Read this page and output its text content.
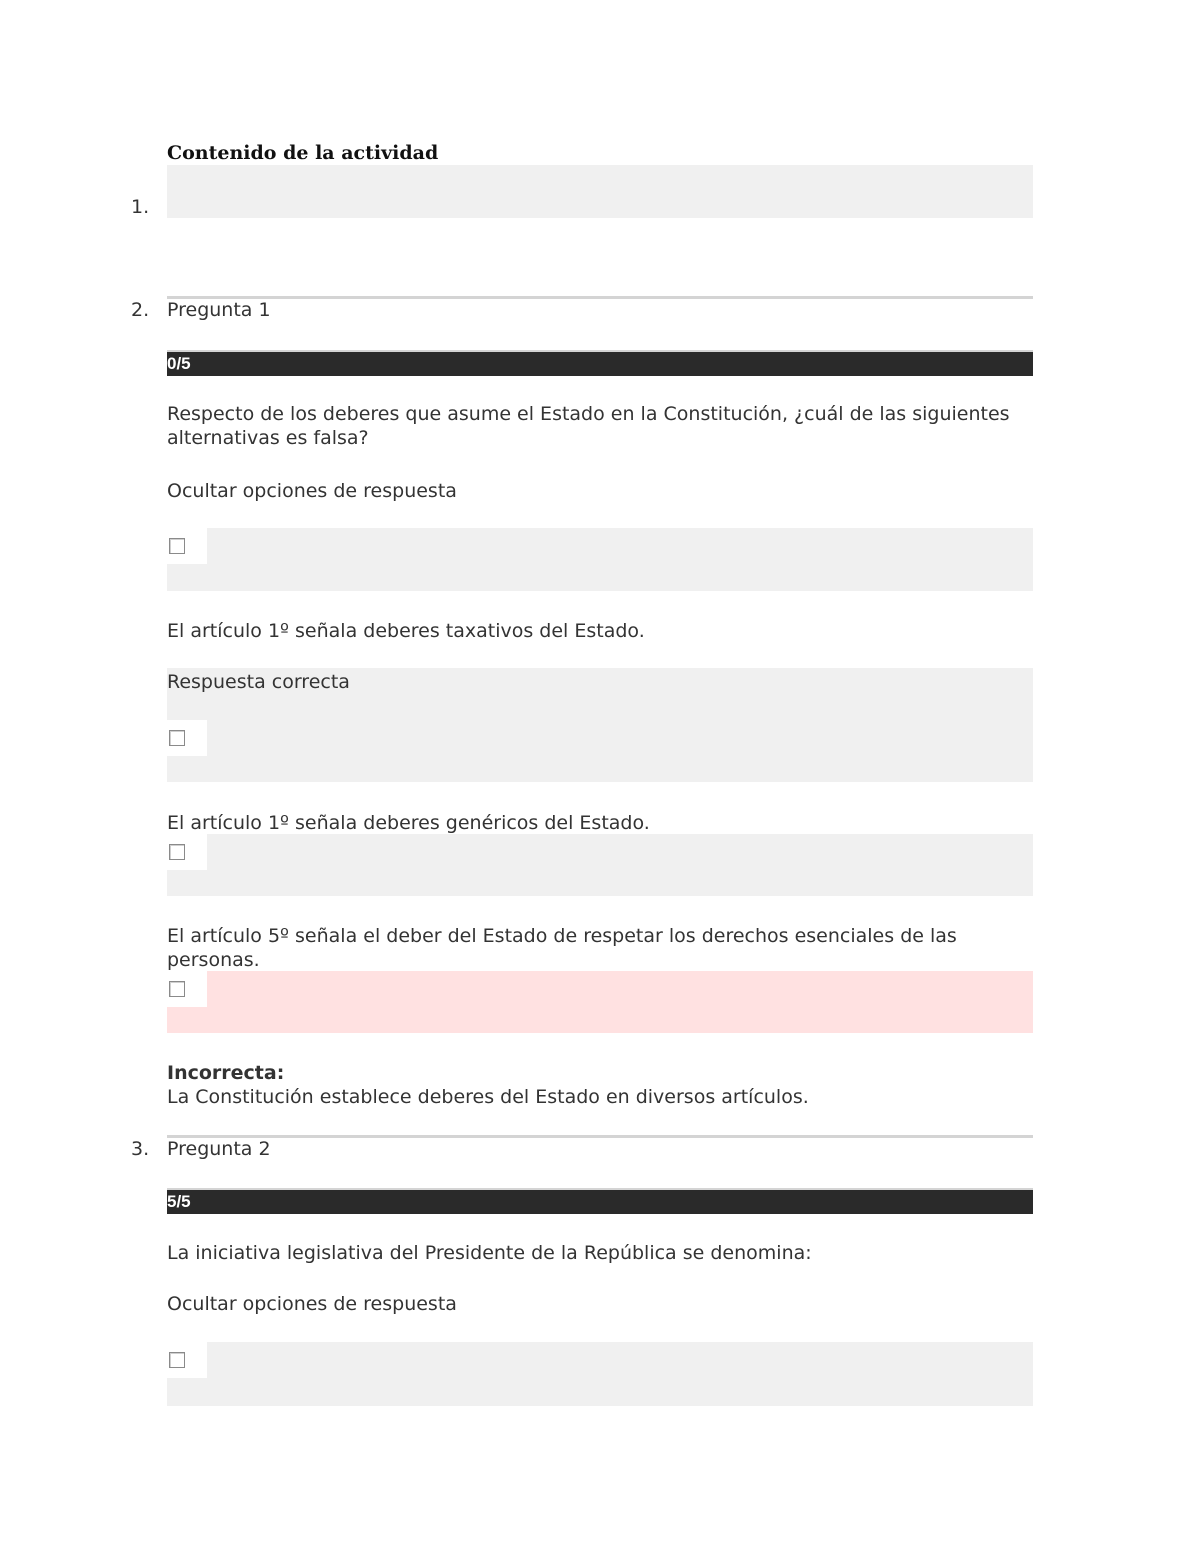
Contenido de la actividad
1.
2. Pregunta 1
0/5
Respecto de los deberes que asume el Estado en la Constitución, ¿cuál de las siguientes alternativas es falsa?
Ocultar opciones de respuesta
El artículo 1º señala deberes taxativos del Estado.
Respuesta correcta
El artículo 1º señala deberes genéricos del Estado.
El artículo 5º señala el deber del Estado de respetar los derechos esenciales de las personas.
Incorrecta:
La Constitución establece deberes del Estado en diversos artículos.
3. Pregunta 2
5/5
La iniciativa legislativa del Presidente de la República se denomina:
Ocultar opciones de respuesta
